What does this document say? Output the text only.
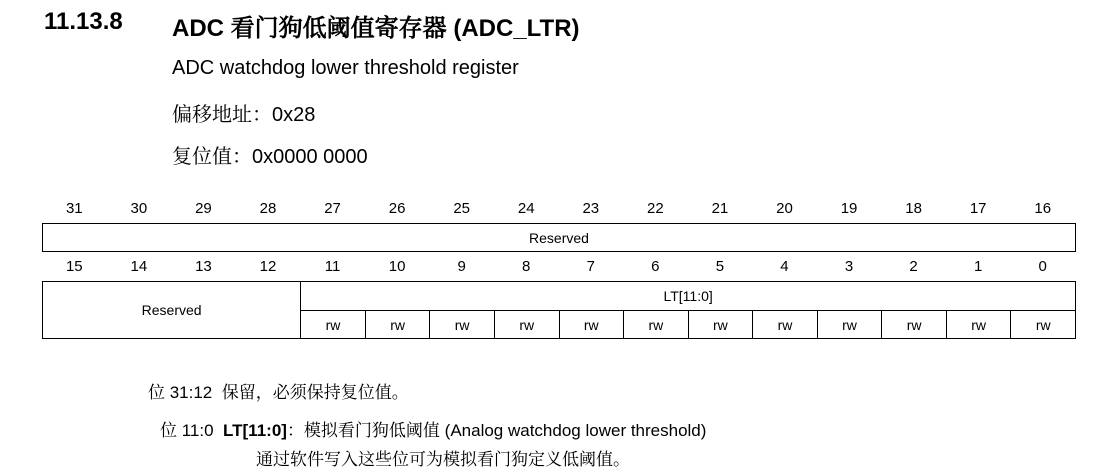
11.13.8 ADC 看门狗低阈值寄存器 (ADC_LTR)
ADC watchdog lower threshold register
偏移地址：0x28
复位值：0x0000 0000
31	30	29	28	27	26	25	24	23	22	21	20	19	18	17	16
Reserved
15	14	13	12	11	10	9	8	7	6	5	4	3	2	1	0
Reserved	LT[11:0]											
	rw	rw	rw	rw	rw	rw	rw	rw	rw	rw	rw	rw
位 31:12 保留，必须保持复位值。
位 11:0 LT[11:0]：模拟看门狗低阈值 (Analog watchdog lower threshold)
通过软件写入这些位可为模拟看门狗定义低阈值。
